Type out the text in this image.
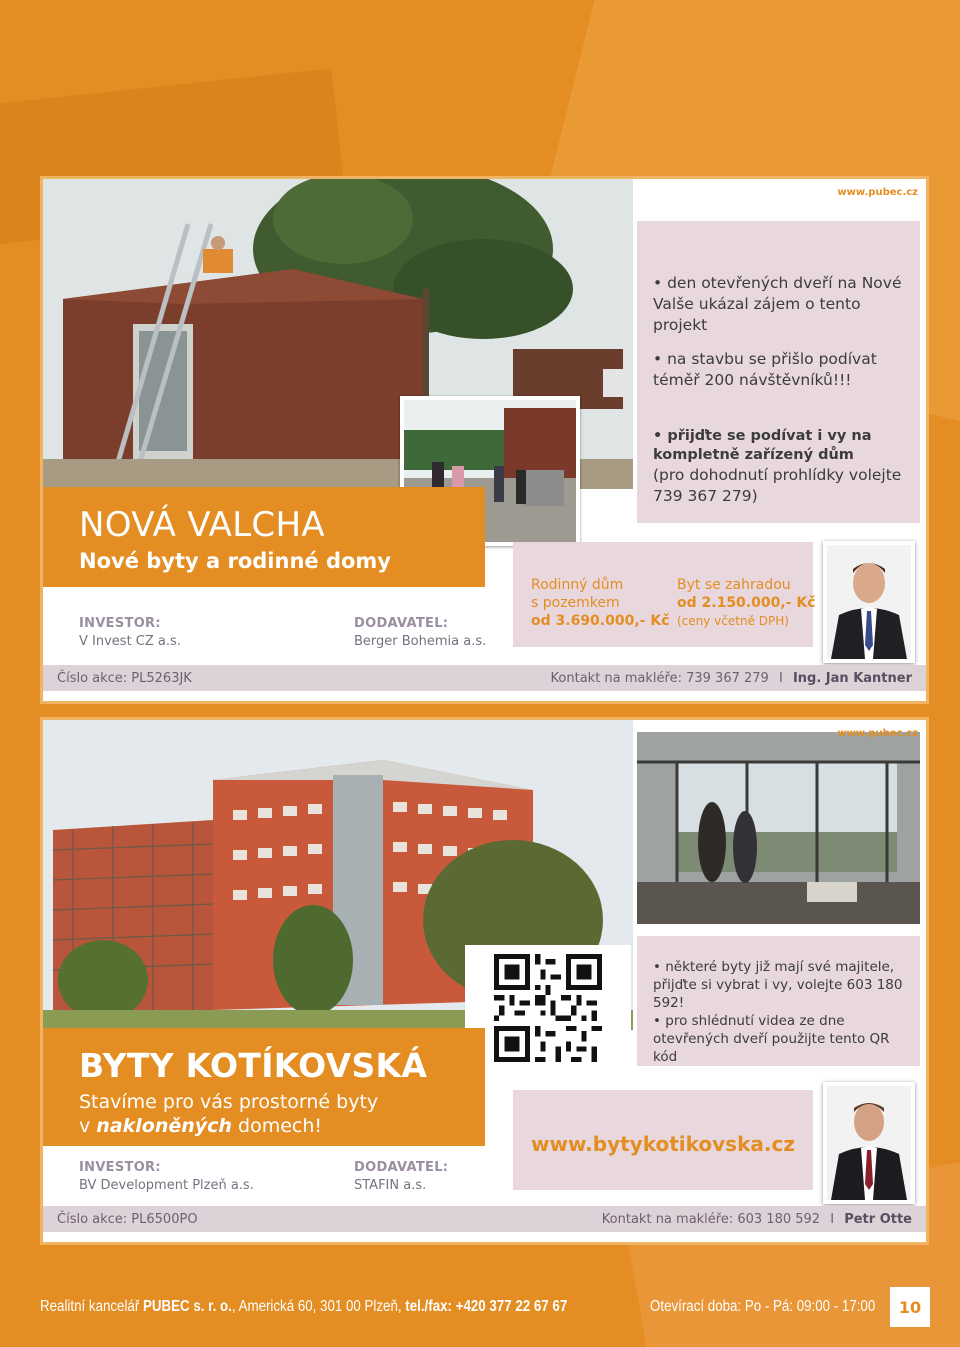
www.pubec.cz
• den otevřených dveří na Nové Valše ukázal zájem o tento projekt
• na stavbu se přišlo podívat téměř 200 návštěvníků!!!
• přijďte se podívat i vy na kompletně zařízený dům
(pro dohodnutí prohlídky volejte 739 367 279)
NOVÁ VALCHA
Nové byty a rodinné domy
INVESTOR:
V Invest CZ a.s.
DODAVATEL:
Berger Bohemia a.s.
Rodinný dům
s pozemkem
od 3.690.000,- Kč
Byt se zahradou
od 2.150.000,- Kč
(ceny včetně DPH)
Číslo akce: PL5263JK	Kontakt na makléře: 739 367 279 I Ing. Jan Kantner
www.pubec.cz
• některé byty již mají své majitele, přijďte si vybrat i vy, volejte 603 180 592!
• pro shlédnutí videa ze dne otevřených dveří použijte tento QR kód
BYTY KOTÍKOVSKÁ
Stavíme pro vás prostorné byty
v nakloněných domech!
INVESTOR:
BV Development Plzeň a.s.
DODAVATEL:
STAFIN a.s.
www.bytykotikovska.cz
Číslo akce: PL6500PO	Kontakt na makléře: 603 180 592 I Petr Otte
Realitní kancelář PUBEC s. r. o., Americká 60, 301 00 Plzeň, tel./fax: +420 377 22 67 67	Otevírací doba: Po - Pá: 09:00 - 17:00	10
